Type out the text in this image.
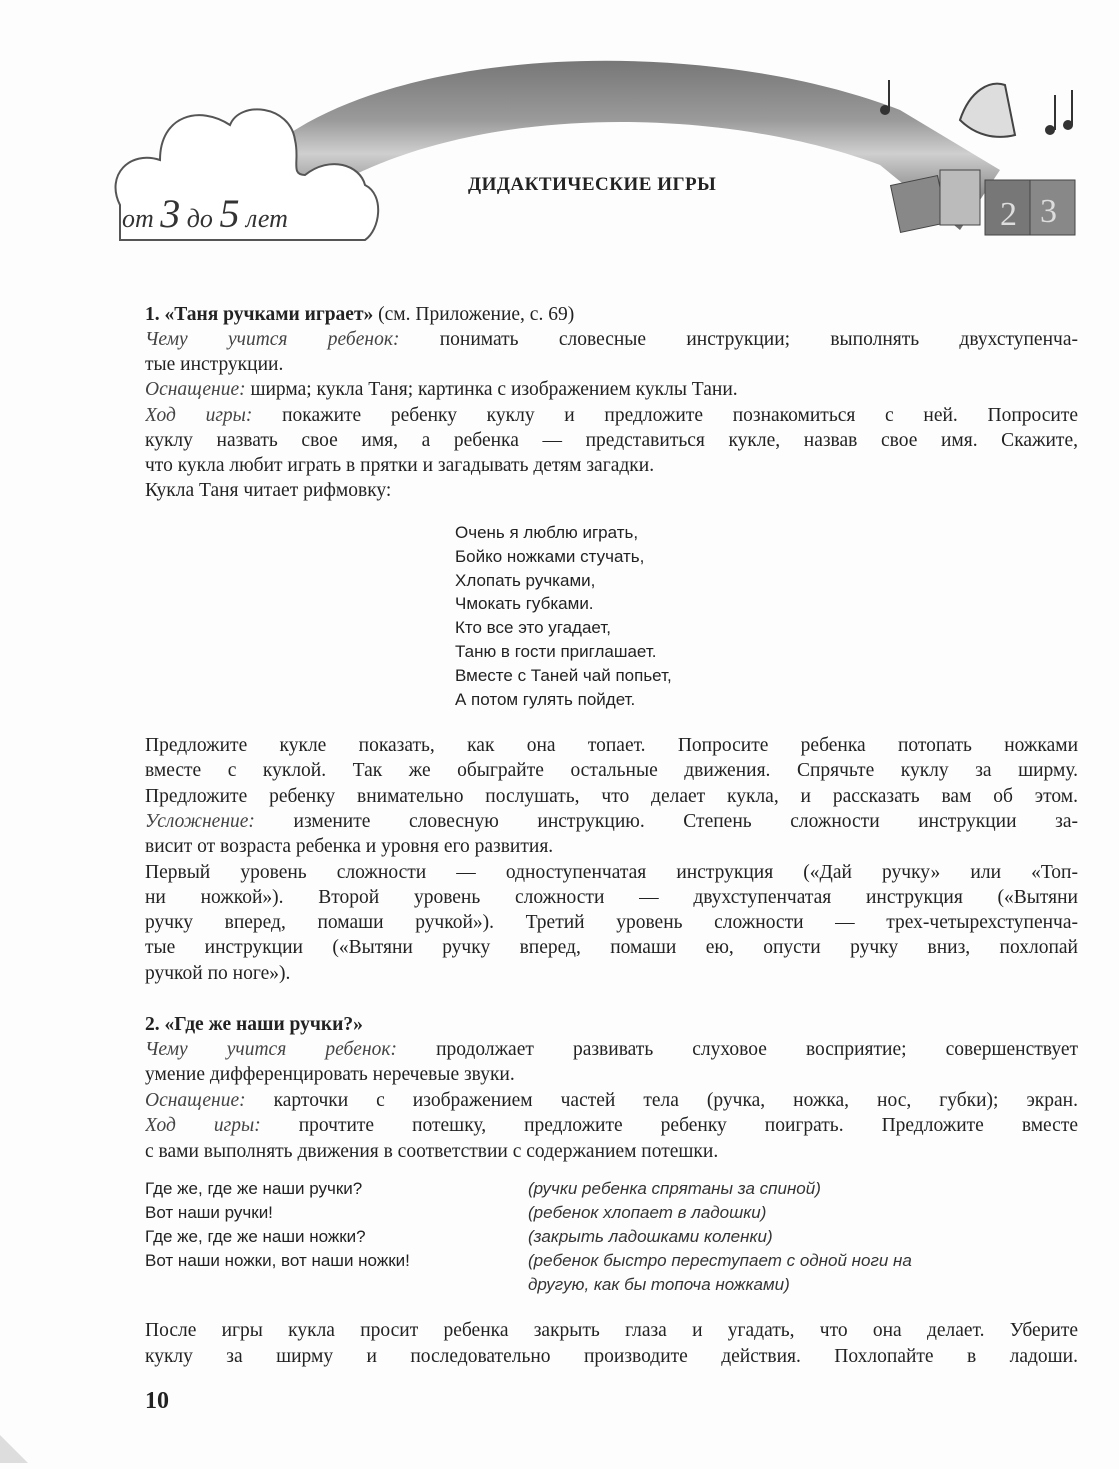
2 3
от 3 до 5 лет
ДИДАКТИЧЕСКИЕ ИГРЫ
1. «Таня ручками играет» (см. Приложение, с. 69)
Чему учится ребенок: понимать словесные инструкции; выполнять двухступенча-
тые инструкции.
Оснащение: ширма; кукла Таня; картинка с изображением куклы Тани.
Ход игры: покажите ребенку куклу и предложите познакомиться с ней. Попросите
куклу назвать свое имя, а ребенка — представиться кукле, назвав свое имя. Скажите,
что кукла любит играть в прятки и загадывать детям загадки.
Кукла Таня читает рифмовку:
Очень я люблю играть,
Бойко ножками стучать,
Хлопать ручками,
Чмокать губками.
Кто все это угадает,
Таню в гости приглашает.
Вместе с Таней чай попьет,
А потом гулять пойдет.
Предложите кукле показать, как она топает. Попросите ребенка потопать ножками
вместе с куклой. Так же обыграйте остальные движения. Спрячьте куклу за ширму.
Предложите ребенку внимательно послушать, что делает кукла, и рассказать вам об этом.
Усложнение: измените словесную инструкцию. Степень сложности инструкции за-
висит от возраста ребенка и уровня его развития.
Первый уровень сложности — одноступенчатая инструкция («Дай ручку» или «Топ-
ни ножкой»). Второй уровень сложности — двухступенчатая инструкция («Вытяни
ручку вперед, помаши ручкой»). Третий уровень сложности — трех-четырехступенча-
тые инструкции («Вытяни ручку вперед, помаши ею, опусти ручку вниз, похлопай
ручкой по ноге»).
2. «Где же наши ручки?»
Чему учится ребенок: продолжает развивать слуховое восприятие; совершенствует
умение дифференцировать неречевые звуки.
Оснащение: карточки с изображением частей тела (ручка, ножка, нос, губки); экран.
Ход игры: прочтите потешку, предложите ребенку поиграть. Предложите вместе
с вами выполнять движения в соответствии с содержанием потешки.
Где же, где же наши ручки?	(ручки ребенка спрятаны за спиной)
Вот наши ручки!	(ребенок хлопает в ладошки)
Где же, где же наши ножки?	(закрыть ладошками коленки)
Вот наши ножки, вот наши ножки!	(ребенок быстро переступает с одной ноги на
другую, как бы топоча ножками)
После игры кукла просит ребенка закрыть глаза и угадать, что она делает. Уберите
куклу за ширму и последовательно производите действия. Похлопайте в ладоши.
10
